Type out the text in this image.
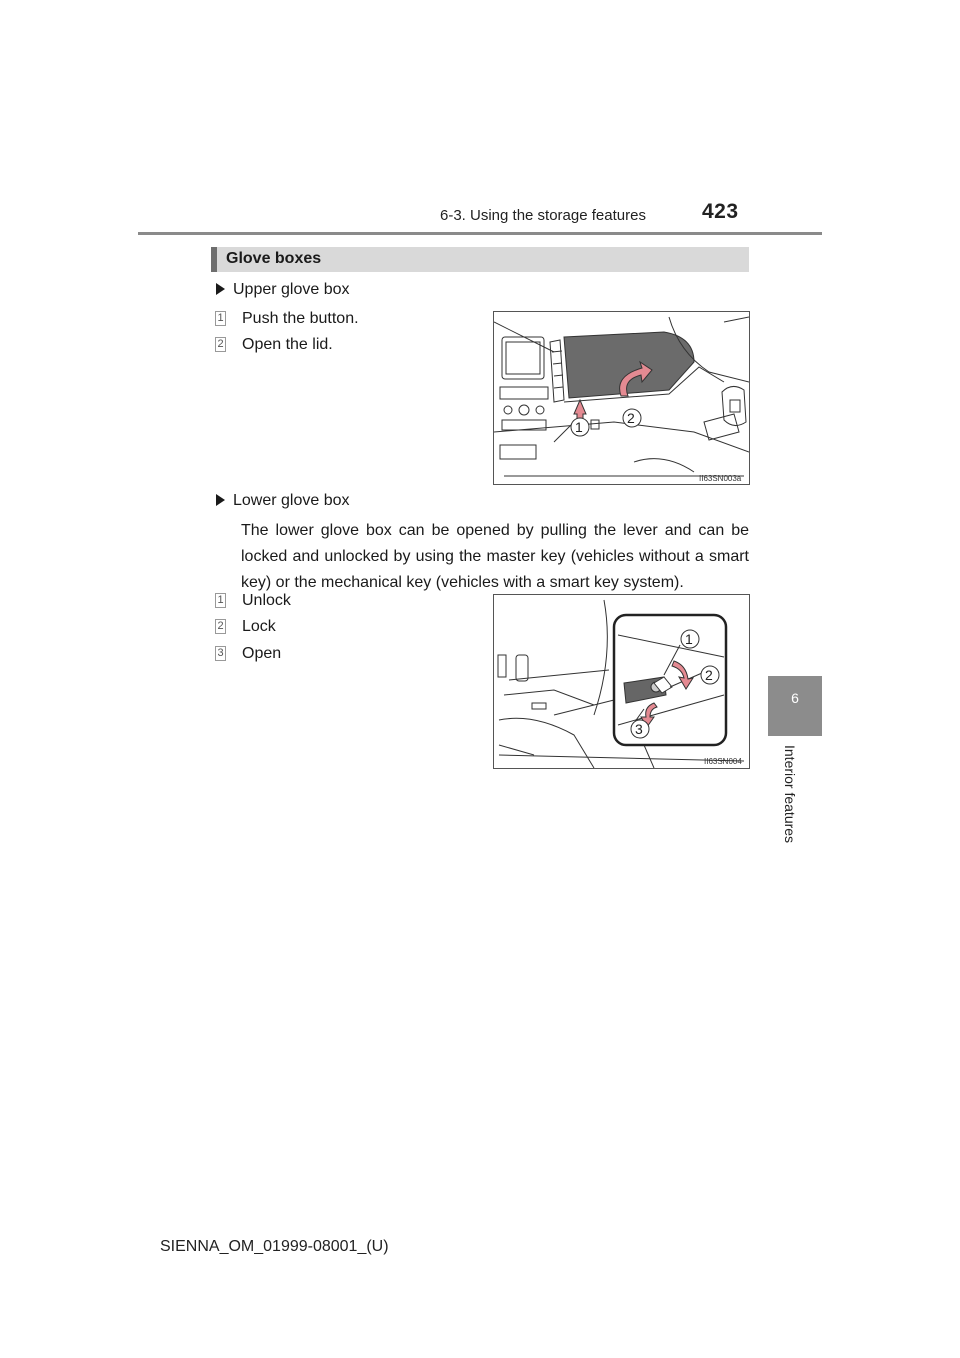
6-3. Using the storage features	423
6
Interior features
Glove boxes
Upper glove box
1 Push the button.
2 Open the lid.
1
2
II63SN003a
Lower glove box
The lower glove box can be opened by pulling the lever and can be locked and unlocked by using the master key (vehicles without a smart key) or the mechanical key (vehicles with a smart key system).
1 Unlock
2 Lock
3 Open
1
2
3
II63SN004
SIENNA_OM_01999-08001_(U)
